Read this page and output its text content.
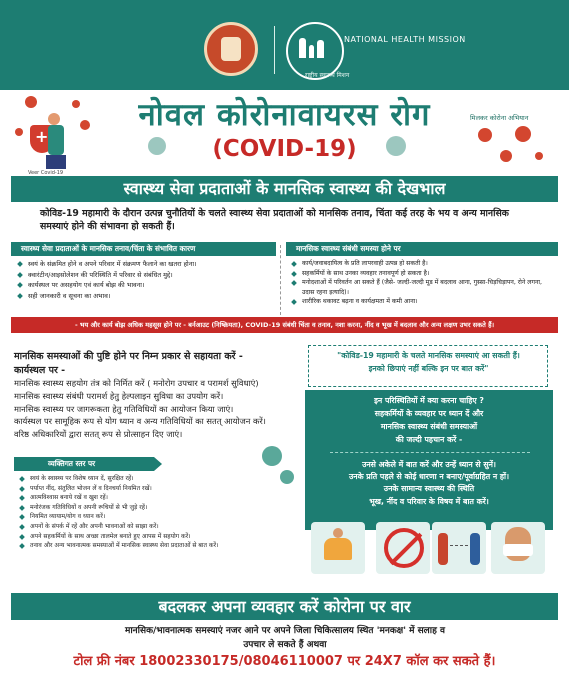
NATIONAL HEALTH MISSION
राष्ट्रीय स्वास्थ्य मिशन
+
Veer Covid-19
मिलकर कोरोना अभियान
नोवल कोरोनावायरस रोग
(COVID-19)
स्वास्थ्य सेवा प्रदाताओं के मानसिक स्वास्थ्य की देखभाल
कोविड-19 महामारी के दौरान उत्पन्न चुनौतियों के चलते स्वास्थ्य सेवा प्रदाताओं को मानसिक तनाव, चिंता कई तरह के भय व अन्य मानसिक समस्याएं होने की संभावना हो सकती हैं।
स्वास्थ्य सेवा प्रदाताओं के मानसिक तनाव/चिंता के संभावित कारण
स्वयं के संक्रमित होने व अपने परिवार में संक्रमण फैलाने का खतरा होना।
क्वारंटीन/आइसोलेशन की परिस्थिति में परिवार से संबंधित मुद्दे।
कार्यस्थल पर असहयोग एवं कार्य बोझ की भावना।
सही जानकारी व सूचना का अभाव।
मानसिक स्वास्थ्य संबंधी समस्या होने पर
कार्य/जवाबदायित्व के प्रति लापरवाही उत्पन्न हो सकती है।
सहकर्मियों के साथ उनका व्यवहार तनावपूर्ण हो सकता है।
मनोदशाओं में परिवर्तन आ सकते हैं (जैसे- जल्दी-जल्दी मूड में बदलाव आना, गुस्सा-चिड़चिड़ापन, रोने लगना, उदास रहना इत्यादि)।
शारीरिक थकावट बढ़ना व कार्यक्षमता में कमी आना।
- भय और कार्य बोझ अधिक महसूस होने पर - बर्नआउट (निष्क्रियता), COVID-19 संबंधी चिंता व तनाव, नशा करना, नींद व भूख में बदलाव और अन्य लक्षण उभर सकते हैं।
मानसिक समस्याओं की पुष्टि होने पर निम्न प्रकार से सहायता करें -
कार्यस्थल पर -
मानसिक स्वास्थ्य सहयोग तंत्र को निर्मित करें ( मनोरोग उपचार व परामर्श सुविधाएं)
मानसिक स्वास्थ्य संबंधी परामर्श हेतु हेल्पलाइन सुविधा का उपयोग करें।
मानसिक स्वास्थ्य पर जागरूकता हेतु गतिविधियों का आयोजन किया जाएं।
कार्यस्थल पर सामूहिक रूप से योग ध्यान व अन्य गतिविधियों का सतत् आयोजन करें।
वरिष्ठ अधिकारियों द्वारा सतत् रूप से प्रोत्साहन दिए जाएं।
"कोविड-19 महामारी के चलते मानसिक समस्याएं आ सकती हैं।
इनको छिपाएं नहीं बल्कि इन पर बात करें"
इन परिस्थितियों में क्या करना चाहिए ?
सहकर्मियों के व्यवहार पर ध्यान दें और
मानसिक स्वास्थ्य संबंधी समस्याओं
की जल्दी पहचान करें -
उनसे अकेले में बात करें और उन्हें ध्यान से सुनें।
उनके प्रति पहले से कोई धारणा न बनाए/पूर्वाग्रहित न हों।
उनके सामान्य स्वास्थ्य की स्थिति
भूख, नींद व परिवार के विषय में बात करें।
व्यक्तिगत स्तर पर
स्वयं के स्वास्थ्य पर विशेष ध्यान दें, सुरक्षित रहें।
पर्याप्त नींद, संतुलित भोजन लें व दिनचर्या नियमित रखें।
आत्मविश्वास बनाये रखें व खुश रहें।
मनोरंजक गतिविधियों व अपनी रूचियों से भी जुड़े रहें।
नियमित व्यायाम/योग व ध्यान करें।
अपनों के संपर्क में रहें और अपनी भावनाओं को साझा करें।
अपने सहकर्मियों के साथ अच्छा तालमेल बनाते हुए आपस में सहयोग करें।
तनाव और अन्य भावनात्मक समस्याओं में मानसिक स्वास्थ्य सेवा प्रदाताओं से बात करें।
बदलकर अपना व्यवहार करें कोरोना पर वार
मानसिक/भावनात्मक समस्याएं नजर आने पर अपने जिला चिकित्सालय स्थित 'मनकक्ष' में सलाह व
उपचार ले सकते हैं अथवा
टोल फ्री नंबर 18002330175/08046110007 पर 24X7 कॉल कर सकते हैं।
